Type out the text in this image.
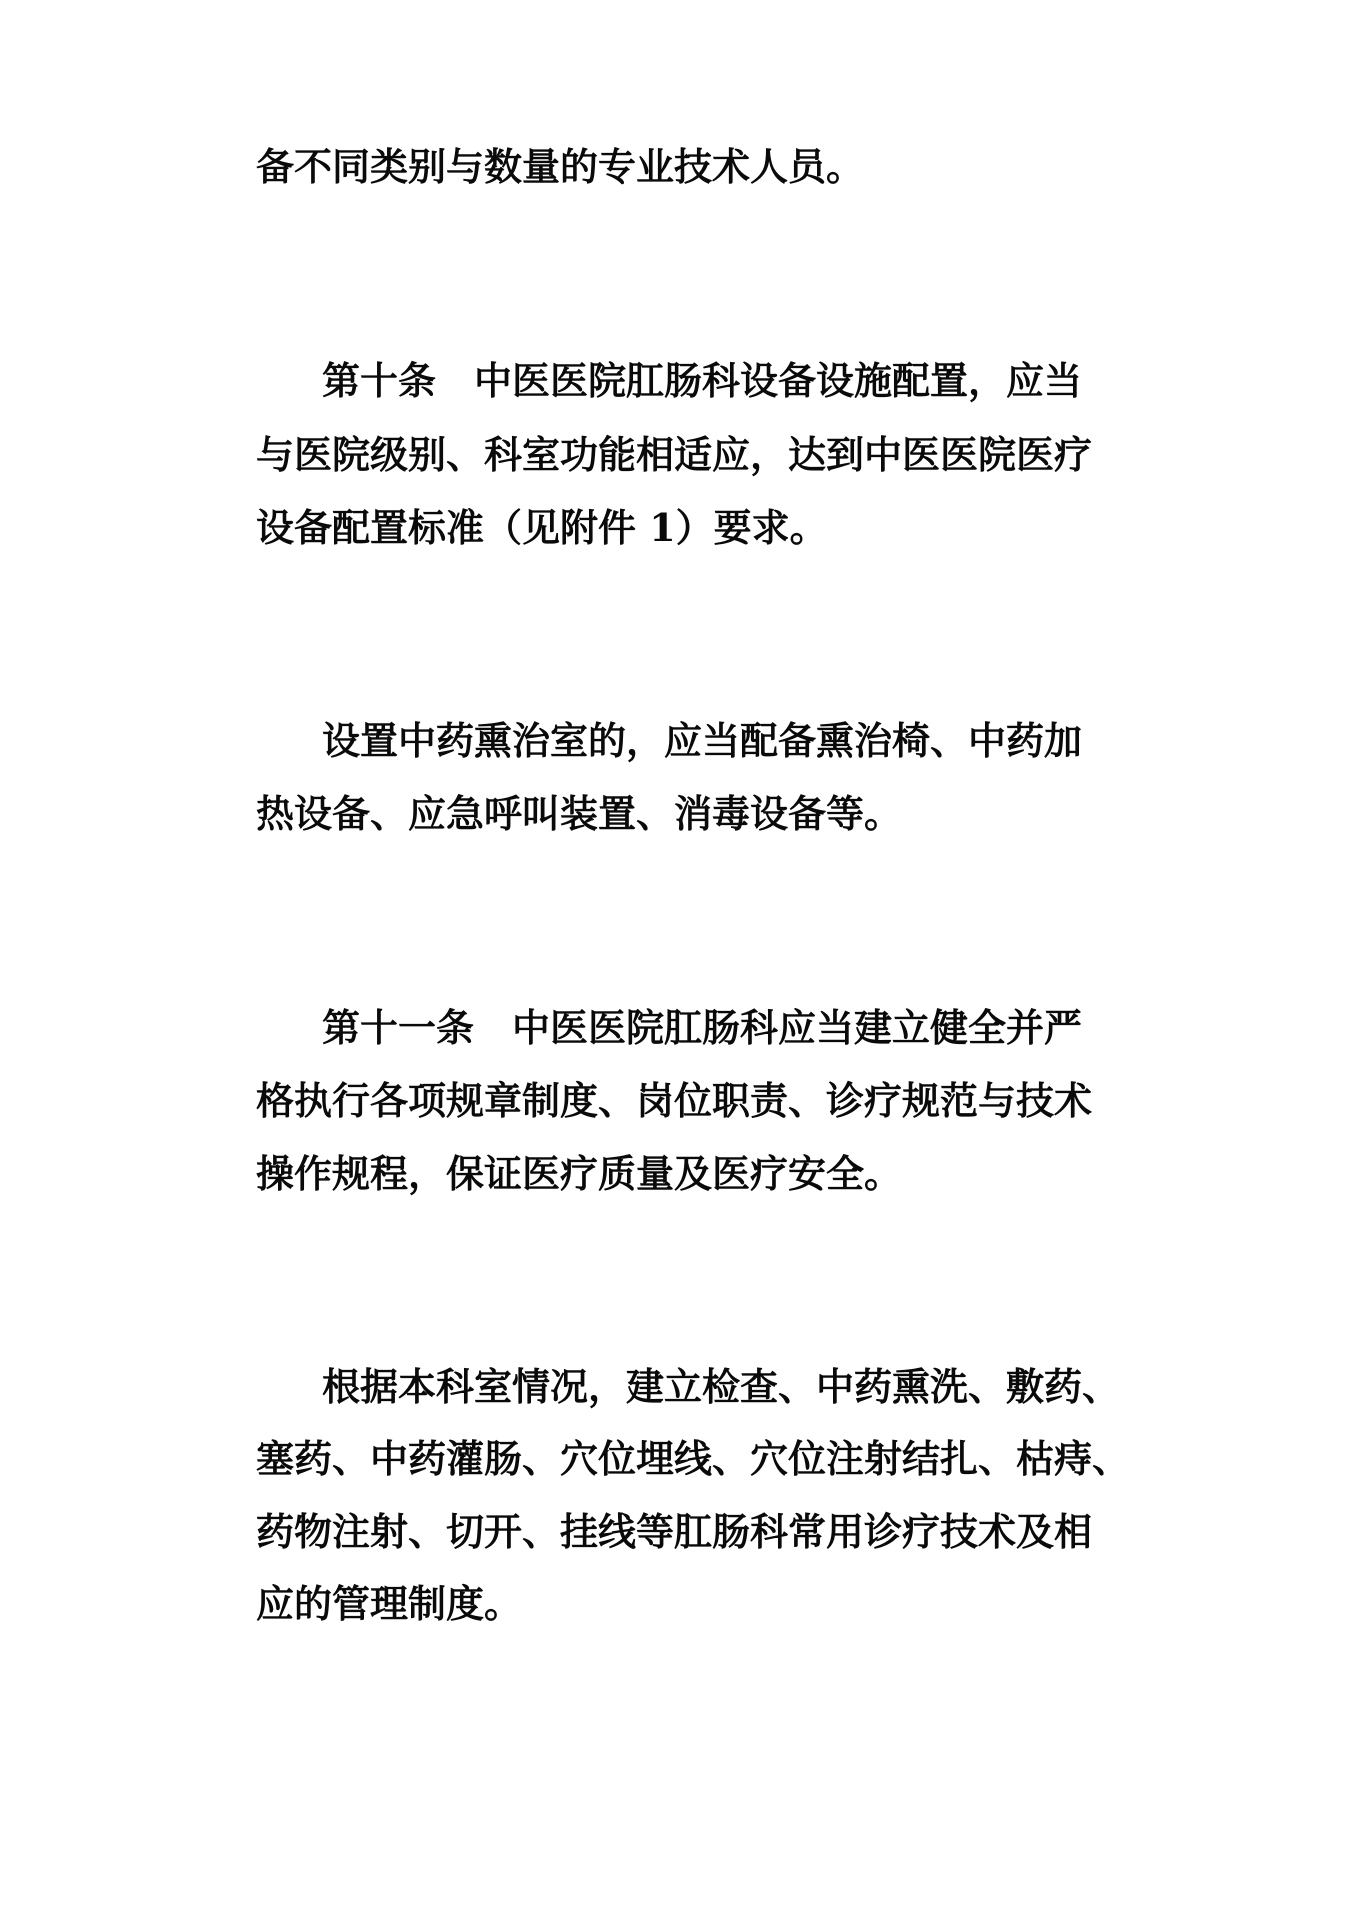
备不同类别与数量的专业技术人员。

第十条　中医医院肛肠科设备设施配置，应当

与医院级别、科室功能相适应，达到中医医院医疗

设备配置标准（见附件 1）要求。

设置中药熏治室的，应当配备熏治椅、中药加

热设备、应急呼叫装置、消毒设备等。

第十一条　中医医院肛肠科应当建立健全并严

格执行各项规章制度、岗位职责、诊疗规范与技术

操作规程，保证医疗质量及医疗安全。

根据本科室情况，建立检查、中药熏洗、敷药、

塞药、中药灌肠、穴位埋线、穴位注射结扎、枯痔、

药物注射、切开、挂线等肛肠科常用诊疗技术及相

应的管理制度。
